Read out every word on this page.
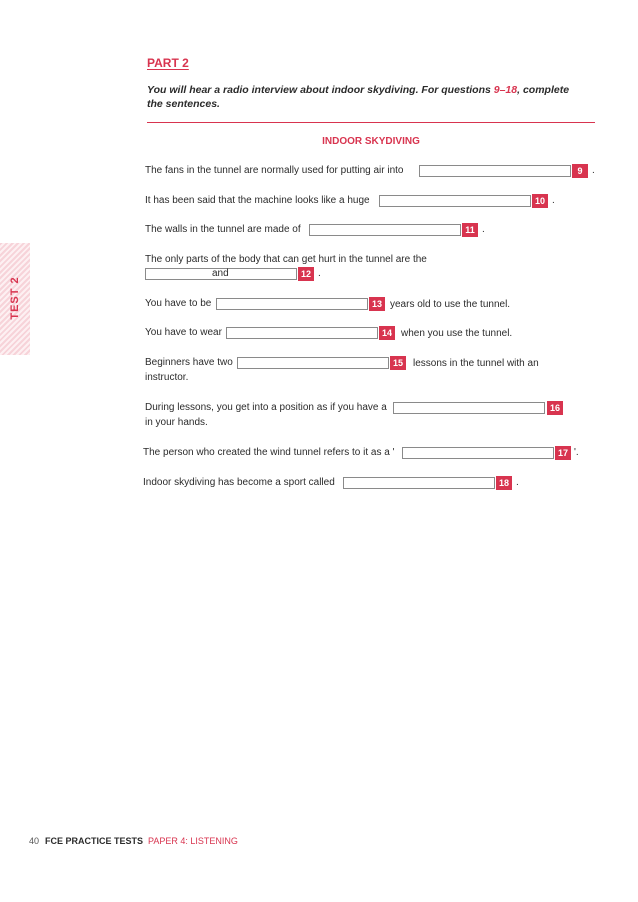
TEST 2
PART 2

You will hear a radio interview about indoor skydiving. For questions 9–18, complete the sentences.

INDOOR SKYDIVING
The fans in the tunnel are normally used for putting air into	9 .
It has been said that the machine looks like a huge	10 .
The walls in the tunnel are made of	11 .
The only parts of the body that can get hurt in the tunnel are the
and	12 .
You have to be	13 years old to use the tunnel.
You have to wear	14 when you use the tunnel.
Beginners have two	15	lessons in the tunnel with an
instructor.
During lessons, you get into a position as if you have a	16
in your hands.
The person who created the wind tunnel refers to it as a '	17 '.
Indoor skydiving has become a sport called	18 .
40 FCE PRACTICE TESTS PAPER 4: LISTENING
